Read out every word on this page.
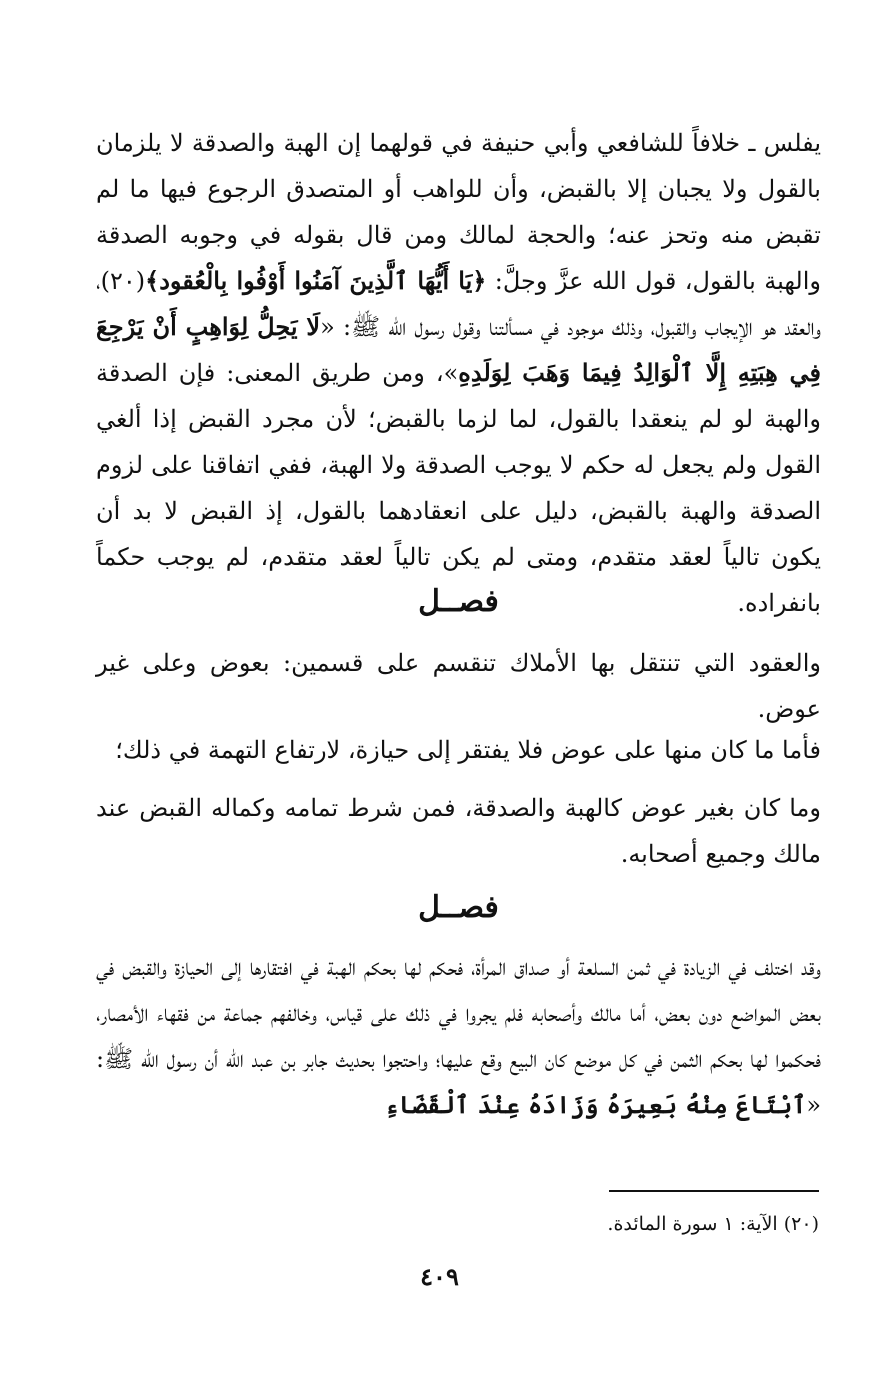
يفلس ـ خلافاً للشافعي وأبي حنيفة في قولهما إن الهبة والصدقة لا يلزمان بالقول ولا يجبان إلا بالقبض، وأن للواهب أو المتصدق الرجوع فيها ما لم تقبض منه وتحز عنه؛ والحجة لمالك ومن قال بقوله في وجوبه الصدقة والهبة بالقول، قول الله عزَّ وجلَّ: ﴿يَا أَيُّهَا ٱلَّذِينَ آمَنُوا أَوْفُوا بِالْعُقود﴾(٢٠)، والعقد هو الإيجاب والقبول، وذلك موجود في مسألتنا وقول رسول الله ﷺ: «لَا يَحِلُّ لِوَاهِبٍ أَنْ يَرْجِعَ فِي هِبَتِهِ إِلَّا ٱلْوَالِدُ فِيمَا وَهَبَ لِوَلَدِهِ»، ومن طريق المعنى: فإن الصدقة والهبة لو لم ينعقدا بالقول، لما لزما بالقبض؛ لأن مجرد القبض إذا ألغي القول ولم يجعل له حكم لا يوجب الصدقة ولا الهبة، ففي اتفاقنا على لزوم الصدقة والهبة بالقبض، دليل على انعقادهما بالقول، إذ القبض لا بد أن يكون تالياً لعقد متقدم، ومتى لم يكن تالياً لعقد متقدم، لم يوجب حكماً بانفراده.

فصــل

والعقود التي تنتقل بها الأملاك تنقسم على قسمين: بعوض وعلى غير عوض.

فأما ما كان منها على عوض فلا يفتقر إلى حيازة، لارتفاع التهمة في ذلك؛

وما كان بغير عوض كالهبة والصدقة، فمن شرط تمامه وكماله القبض عند مالك وجميع أصحابه.

فصــل

وقد اختلف في الزيادة في ثمن السلعة أو صداق المرأة، فحكم لها بحكم الهبة في افتقارها إلى الحيازة والقبض في بعض المواضع دون بعض، أما مالك وأصحابه فلم يجروا في ذلك على قياس، وخالفهم جماعة من فقهاء الأمصار، فحكموا لها بحكم الثمن في كل موضع كان البيع وقع عليها؛ واحتجوا بحديث جابر بن عبد الله أن رسول الله ﷺ: «ٱبْتَاعَ مِنْهُ بَعِيرَهُ وَزَادَهُ عِنْدَ ٱلْقَضَاءِ

(٢٠) الآية: ١ سورة المائدة.

٤٠٩
